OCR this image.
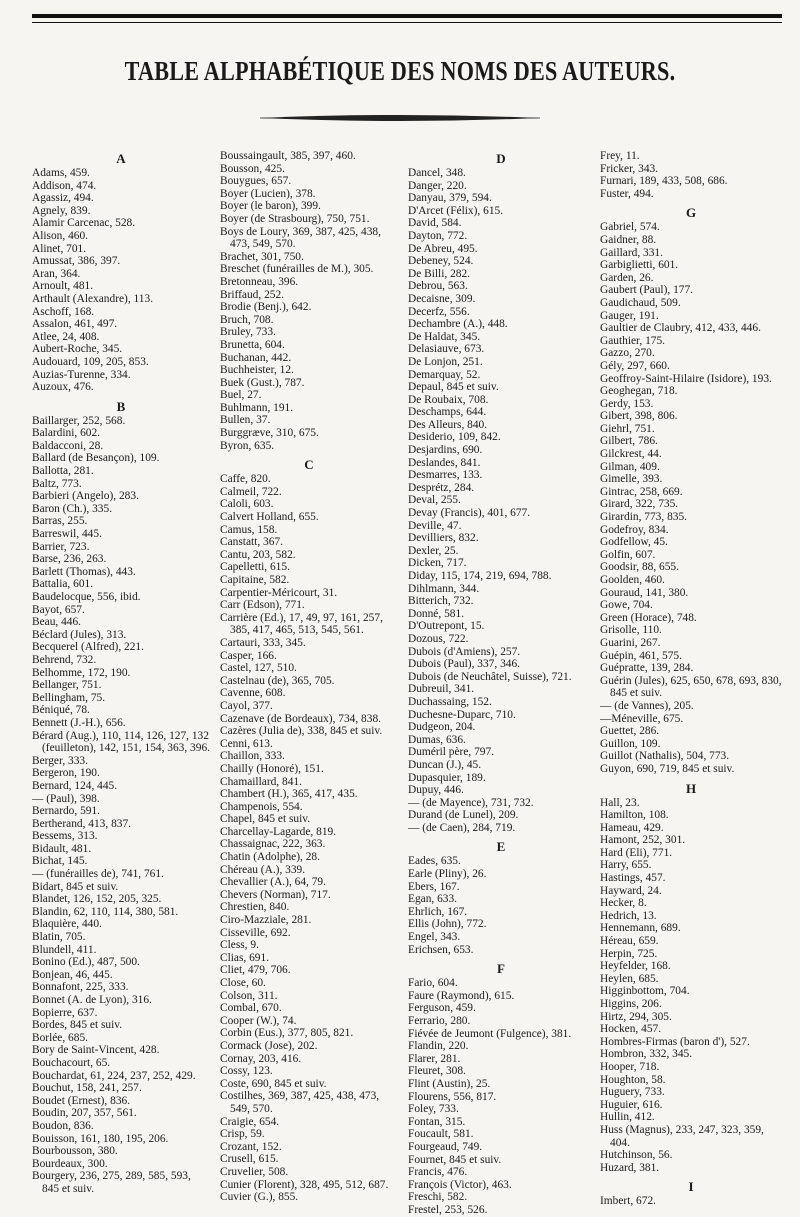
TABLE ALPHABÉTIQUE DES NOMS DES AUTEURS.
A
Adams, 459.
Addison, 474.
Agassiz, 494.
Agnely, 839.
Alamir Carcenac, 528.
Alison, 460.
Alinet, 701.
Amussat, 386, 397.
Aran, 364.
Arnoult, 481.
Arthault (Alexandre), 113.
Aschoff, 168.
Assalon, 461, 497.
Atlee, 24, 408.
Aubert-Roche, 345.
Audouard, 109, 205, 853.
Auzias-Turenne, 334.
Auzoux, 476.
B
Baillarger, 252, 568.
Balardini, 602.
Baldacconi, 28.
Ballard (de Besançon), 109.
Ballotta, 281.
Baltz, 773.
Barbieri (Angelo), 283.
Baron (Ch.), 335.
Barras, 255.
Barreswil, 445.
Barrier, 723.
Barse, 236, 263.
Barlett (Thomas), 443.
Battalia, 601.
Baudelocque, 556, ibid.
Bayot, 657.
Beau, 446.
Béclard (Jules), 313.
Becquerel (Alfred), 221.
Behrend, 732.
Belhomme, 172, 190.
Bellanger, 751.
Bellingham, 75.
Béniqué, 78.
Bennett (J.-H.), 656.
Bérard (Aug.), 110, 114, 126, 127, 132 (feuilleton), 142, 151, 154, 363, 396.
Berger, 333.
Bergeron, 190.
Bernard, 124, 445.
— (Paul), 398.
Bernardo, 591.
Bertherand, 413, 837.
Bessems, 313.
Bidault, 481.
Bichat, 145.
— (funérailles de), 741, 761.
Bidart, 845 et suiv.
Blandet, 126, 152, 205, 325.
Blandin, 62, 110, 114, 380, 581.
Blaquière, 440.
Blatin, 705.
Blundell, 411.
Bonino (Ed.), 487, 500.
Bonjean, 46, 445.
Bonnafont, 225, 333.
Bonnet (A. de Lyon), 316.
Bopierre, 637.
Bordes, 845 et suiv.
Borlée, 685.
Bory de Saint-Vincent, 428.
Bouchacourt, 65.
Bouchardat, 61, 224, 237, 252, 429.
Bouchut, 158, 241, 257.
Boudet (Ernest), 836.
Boudin, 207, 357, 561.
Boudon, 836.
Bouisson, 161, 180, 195, 206.
Bourbousson, 380.
Bourdeaux, 300.
Bourgery, 236, 275, 289, 585, 593, 845 et suiv.
Boussaingault, 385, 397, 460.
Bousson, 425.
Bouygues, 657.
Boyer (Lucien), 378.
Boyer (le baron), 399.
Boyer (de Strasbourg), 750, 751.
Boys de Loury, 369, 387, 425, 438, 473, 549, 570.
Brachet, 301, 750.
Breschet (funérailles de M.), 305.
Bretonneau, 396.
Briffaud, 252.
Brodie (Benj.), 642.
Bruch, 708.
Bruley, 733.
Brunetta, 604.
Buchanan, 442.
Buchheister, 12.
Buek (Gust.), 787.
Buel, 27.
Buhlmann, 191.
Bullen, 37.
Burggræve, 310, 675.
Byron, 635.
C
Caffe, 820.
Calmeil, 722.
Caloli, 603.
Calvert Holland, 655.
Camus, 158.
Canstatt, 367.
Cantu, 203, 582.
Capelletti, 615.
Capitaine, 582.
Carpentier-Méricourt, 31.
Carr (Edson), 771.
Carrière (Ed.), 17, 49, 97, 161, 257, 385, 417, 465, 513, 545, 561.
Cartauri, 333, 345.
Casper, 166.
Castel, 127, 510.
Castelnau (de), 365, 705.
Cavenne, 608.
Cayol, 377.
Cazenave (de Bordeaux), 734, 838.
Cazères (Julia de), 338, 845 et suiv.
Cenni, 613.
Chaillon, 333.
Chailly (Honoré), 151.
Chamaillard, 841.
Chambert (H.), 365, 417, 435.
Champenois, 554.
Chapel, 845 et suiv.
Charcellay-Lagarde, 819.
Chassaignac, 222, 363.
Chatin (Adolphe), 28.
Chéreau (A.), 339.
Chevallier (A.), 64, 79.
Chevers (Norman), 717.
Chrestien, 840.
Ciro-Mazziale, 281.
Cisseville, 692.
Cless, 9.
Clias, 691.
Cliet, 479, 706.
Close, 60.
Colson, 311.
Combal, 670.
Cooper (W.), 74.
Corbin (Eus.), 377, 805, 821.
Cormack (Jose), 202.
Cornay, 203, 416.
Cossy, 123.
Coste, 690, 845 et suiv.
Costilhes, 369, 387, 425, 438, 473, 549, 570.
Craigie, 654.
Crisp, 59.
Crozant, 152.
Crusell, 615.
Cruvelier, 508.
Cunier (Florent), 328, 495, 512, 687.
Cuvier (G.), 855.
D
Dancel, 348.
Danger, 220.
Danyau, 379, 594.
D'Arcet (Félix), 615.
David, 584.
Dayton, 772.
De Abreu, 495.
Debeney, 524.
De Billi, 282.
Debrou, 563.
Decaisne, 309.
Decerfz, 556.
Dechambre (A.), 448.
De Haldat, 345.
Delasiauve, 673.
De Lonjon, 251.
Demarquay, 52.
Depaul, 845 et suiv.
De Roubaix, 708.
Deschamps, 644.
Des Alleurs, 840.
Desiderio, 109, 842.
Desjardins, 690.
Deslandes, 841.
Desmarres, 133.
Desprétz, 284.
Deval, 255.
Devay (Francis), 401, 677.
Deville, 47.
Devilliers, 832.
Dexler, 25.
Dicken, 717.
Diday, 115, 174, 219, 694, 788.
Dihlmann, 344.
Bitterich, 732.
Donné, 581.
D'Outrepont, 15.
Dozous, 722.
Dubois (d'Amiens), 257.
Dubois (Paul), 337, 346.
Dubois (de Neuchâtel, Suisse), 721.
Dubreuil, 341.
Duchassaing, 152.
Duchesne-Duparc, 710.
Dudgeon, 204.
Dumas, 636.
Duméril père, 797.
Duncan (J.), 45.
Dupasquier, 189.
Dupuy, 446.
— (de Mayence), 731, 732.
Durand (de Lunel), 209.
— (de Caen), 284, 719.
E
Eades, 635.
Earle (Pliny), 26.
Ebers, 167.
Egan, 633.
Ehrlich, 167.
Ellis (John), 772.
Engel, 343.
Erichsen, 653.
F
Fario, 604.
Faure (Raymond), 615.
Ferguson, 459.
Ferrario, 280.
Fiévée de Jeumont (Fulgence), 381.
Flandin, 220.
Flarer, 281.
Fleuret, 308.
Flint (Austin), 25.
Flourens, 556, 817.
Foley, 733.
Fontan, 315.
Foucault, 581.
Fourgeaud, 749.
Fournet, 845 et suiv.
Francis, 476.
François (Victor), 463.
Freschi, 582.
Frestel, 253, 526.
Frey, 11.
Fricker, 343.
Furnari, 189, 433, 508, 686.
Fuster, 494.
G
Gabriel, 574.
Gaidner, 88.
Gaillard, 331.
Garbiglietti, 601.
Garden, 26.
Gaubert (Paul), 177.
Gaudichaud, 509.
Gauger, 191.
Gaultier de Claubry, 412, 433, 446.
Gauthier, 175.
Gazzo, 270.
Gély, 297, 660.
Geoffroy-Saint-Hilaire (Isidore), 193.
Geoghegan, 718.
Gerdy, 153.
Gibert, 398, 806.
Giehrl, 751.
Gilbert, 786.
Gilckrest, 44.
Gilman, 409.
Gimelle, 393.
Gintrac, 258, 669.
Girard, 322, 735.
Girardin, 773, 835.
Godefroy, 834.
Godfellow, 45.
Golfin, 607.
Goodsir, 88, 655.
Goolden, 460.
Gouraud, 141, 380.
Gowe, 704.
Green (Horace), 748.
Grisolle, 110.
Guarini, 267.
Guépin, 461, 575.
Guépratte, 139, 284.
Guérin (Jules), 625, 650, 678, 693, 830, 845 et suiv.
— (de Vannes), 205.
—Méneville, 675.
Guettet, 286.
Guillon, 109.
Guillot (Nathalis), 504, 773.
Guyon, 690, 719, 845 et suiv.
H
Hall, 23.
Hamilton, 108.
Hameau, 429.
Hamont, 252, 301.
Hard (Eli), 771.
Harry, 655.
Hastings, 457.
Hayward, 24.
Hecker, 8.
Hedrich, 13.
Hennemann, 689.
Héreau, 659.
Herpin, 725.
Heyfelder, 168.
Heylen, 685.
Higginbottom, 704.
Higgins, 206.
Hirtz, 294, 305.
Hocken, 457.
Hombres-Firmas (baron d'), 527.
Hombron, 332, 345.
Hooper, 718.
Houghton, 58.
Huguery, 733.
Huguier, 616.
Hullin, 412.
Huss (Magnus), 233, 247, 323, 359, 404.
Hutchinson, 56.
Huzard, 381.
I
Imbert, 672.
